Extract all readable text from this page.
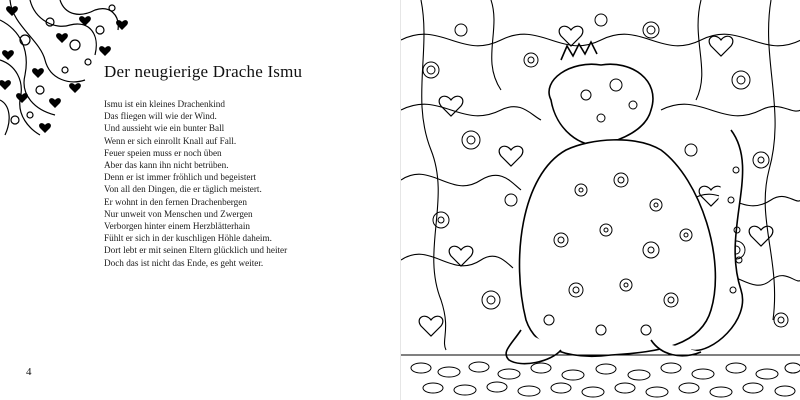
Der neugierige Drache Ismu
Ismu ist ein kleines Drachenkind
Das fliegen will wie der Wind.
Und aussieht wie ein bunter Ball
Wenn er sich einrollt Knall auf Fall.
Feuer speien muss er noch üben
Aber das kann ihn nicht betrüben.
Denn er ist immer fröhlich und begeistert
Von all den Dingen, die er täglich meistert.
Er wohnt in den fernen Drachenbergen
Nur unweit von Menschen und Zwergen
Verborgen hinter einem Herzblätterhain
Fühlt er sich in der kuschligen Höhle daheim.
Dort lebt er mit seinen Eltern glücklich und heiter
Doch das ist nicht das Ende, es geht weiter.
4
